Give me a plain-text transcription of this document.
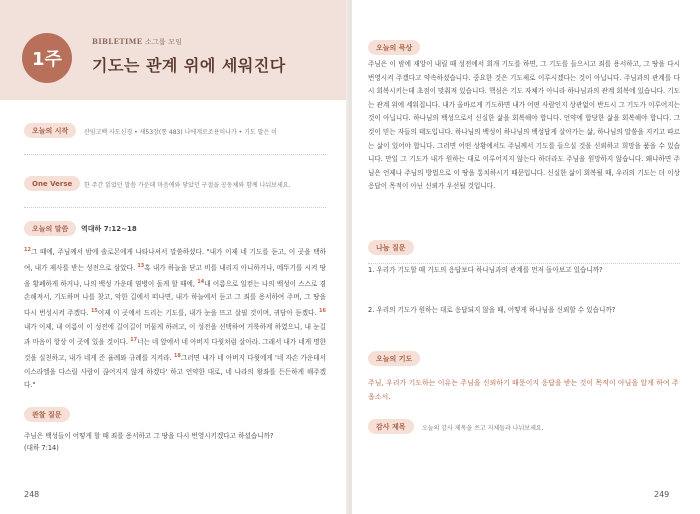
1주
BIBLETIME 소그룹 모임
기도는 관계 위에 세워진다
오늘의 시작	산임고백 사도신경 • 새53장(통 483) 나에게로조용히나가 • 기도 말은 이
One Verse	한 주간 읽었던 말씀 가운데 마음에와 닿았던 구절을 공동체와 함께 나눠보세요.
오늘의 말씀	역대하 7:12~18
$^{12}$그 때에, 주님께서 밤에 솔로몬에게 나타나셔서 말씀하셨다. "내가 이제 네 기도를 듣고, 이 곳을 택하여, 내가 제사를 받는 성전으로 삼았다. $^{13}$혹 내가 하늘을 닫고 비를 내리지 아니하거나, 메뚜기를 시켜 땅을 황폐하게 하거나, 나의 백성 가운데 염병이 돌게 할 때에, $^{14}$내 이름으로 일컫는 나의 백성이 스스로 겸손해져서, 기도하며 나를 찾고, 악한 길에서 떠나면, 내가 하늘에서 듣고 그 죄를 용서하여 주며, 그 땅을 다시 번성시켜 주겠다. $^{15}$이제 이 곳에서 드리는 기도를, 내가 눈을 뜨고 살필 것이며, 귀담아 듣겠다. $^{16}$내가 이제, 내 이름이 이 성전에 길이길이 머물게 하려고, 이 성전을 선택하여 거룩하게 하였으니, 내 눈길과 마음이 항상 이 곳에 있을 것이다. $^{17}$너는 네 앞에서 네 아버지 다윗처럼 살아라. 그래서 내가 네게 명한 것을 실천하고, 내가 네게 준 율례와 규례를 지켜라. $^{18}$그러면 내가 네 아버지 다윗에게 '네 자손 가운데서 이스라엘을 다스릴 사람이 끊어지지 않게 하겠다' 하고 언약한 대로, 네 나라의 왕좌를 든든하게 해주겠다."
관찰 질문
주님은 백성들이 어떻게 할 때 죄를 용서하고 그 땅을 다시 번영시키겠다고 하셨습니까?
(대하 7:14)
248	249
오늘의 묵상
주님은 이 밤에 재앙이 내릴 때 성전에서 회개 기도를 하면, 그 기도를 들으시고 죄를 용서하고, 그 땅을 다시 번영시켜 주겠다고 약속하셨습니다. 중요한 것은 기도제로 이루시겠다는 것이 아닙니다. 주님과의 관계를 다시 회복시키는데 초점이 맞춰져 있습니다. 핵심은 기도 자체가 아니라 하나님과의 관계 회복에 있습니다. 기도는 관계 위에 세워집니다. 내가 올바르게 기도하면 내가 어떤 사람인지 상관없이 반드시 그 기도가 이루어지는 것이 아닙니다. 하나님의 백성으로서 신실한 삶을 회복해야 합니다. 언약에 합당한 삶을 회복해야 합니다. 그것이 믿는 자들의 태도입니다. 하나님의 백성이 하나님의 백성답게 살아가는 삶, 하나님의 말씀을 지키고 따르는 삶이 있어야 합니다. 그러면 어떤 상황에서도 주님께서 기도를 들으실 것을 신뢰하고 희망을 품을 수 있습니다. 만일 그 기도가 내가 원하는 대로 이루어지지 않는다 하더라도 주님을 원망하지 않습니다. 왜냐하면 주님은 언제나 주님의 방법으로 이 땅을 통치하시기 때문입니다. 신실한 삶이 회복될 때, 우리의 기도는 더 이상 응답이 목적이 아닌 신뢰가 우선될 것입니다.
나눔 질문
1. 우리가 기도할 때 기도의 응답보다 하나님과의 관계를 먼저 돌아보고 있습니까?
2. 우리의 기도가 원하는 대로 응답되지 않을 때, 어떻게 하나님을 신뢰할 수 있습니까?
오늘의 기도
주님, 우리가 기도하는 이유는 주님을 신뢰하기 때문이지 응답을 받는 것이 목적이 아님을 알게 하여 주옵소서.
감사 제목	오늘의 감사 제목을 쓰고 지체들과 나눠보세요.
